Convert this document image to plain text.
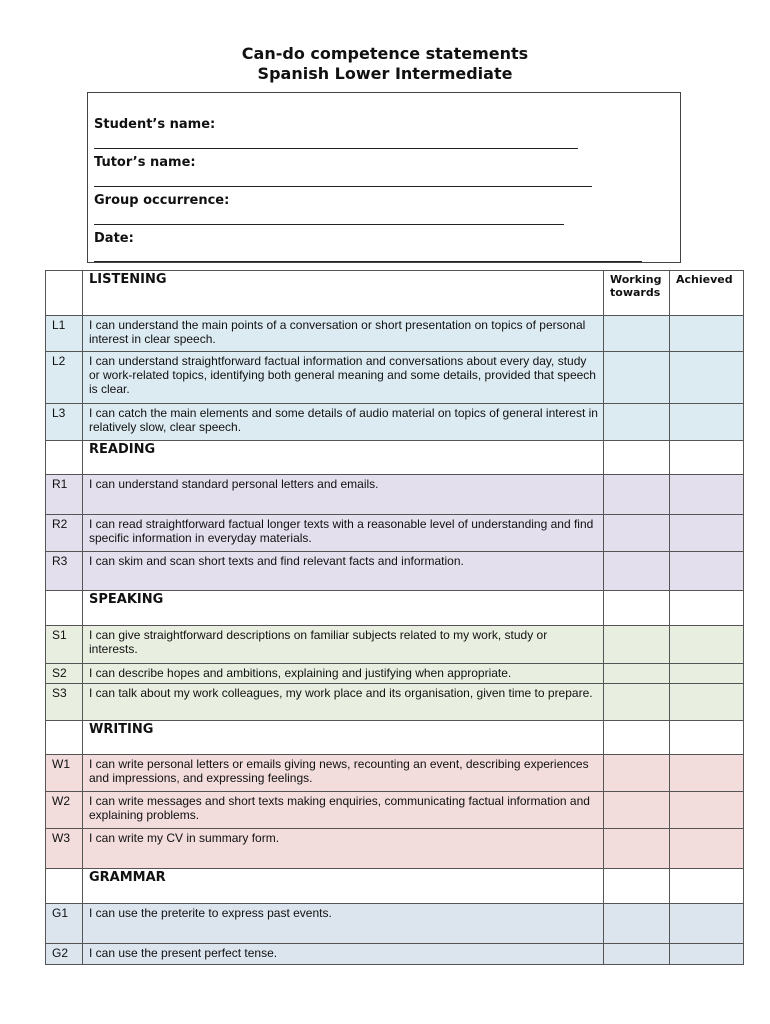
Can-do competence statements
Spanish Lower Intermediate
Student’s name:
Tutor’s name:
Group occurrence:
Date:
	LISTENING	Working towards	Achieved
L1	I can understand the main points of a conversation or short presentation on topics of personal interest in clear speech.		
L2	I can understand straightforward factual information and conversations about every day, study or work-related topics, identifying both general meaning and some details, provided that speech is clear.		
L3	I can catch the main elements and some details of audio material on topics of general interest in relatively slow, clear speech.		
	READING		
R1	I can understand standard personal letters and emails.		
R2	I can read straightforward factual longer texts with a reasonable level of understanding and find specific information in everyday materials.		
R3	I can skim and scan short texts and find relevant facts and information.		
	SPEAKING		
S1	I can give straightforward descriptions on familiar subjects related to my work, study or interests.		
S2	I can describe hopes and ambitions, explaining and justifying when appropriate.		
S3	I can talk about my work colleagues, my work place and its organisation, given time to prepare.		
	WRITING		
W1	I can write personal letters or emails giving news, recounting an event, describing experiences and impressions, and expressing feelings.		
W2	I can write messages and short texts making enquiries, communicating factual information and explaining problems.		
W3	I can write my CV in summary form.		
	GRAMMAR		
G1	I can use the preterite to express past events.		
G2	I can use the present perfect tense.		
